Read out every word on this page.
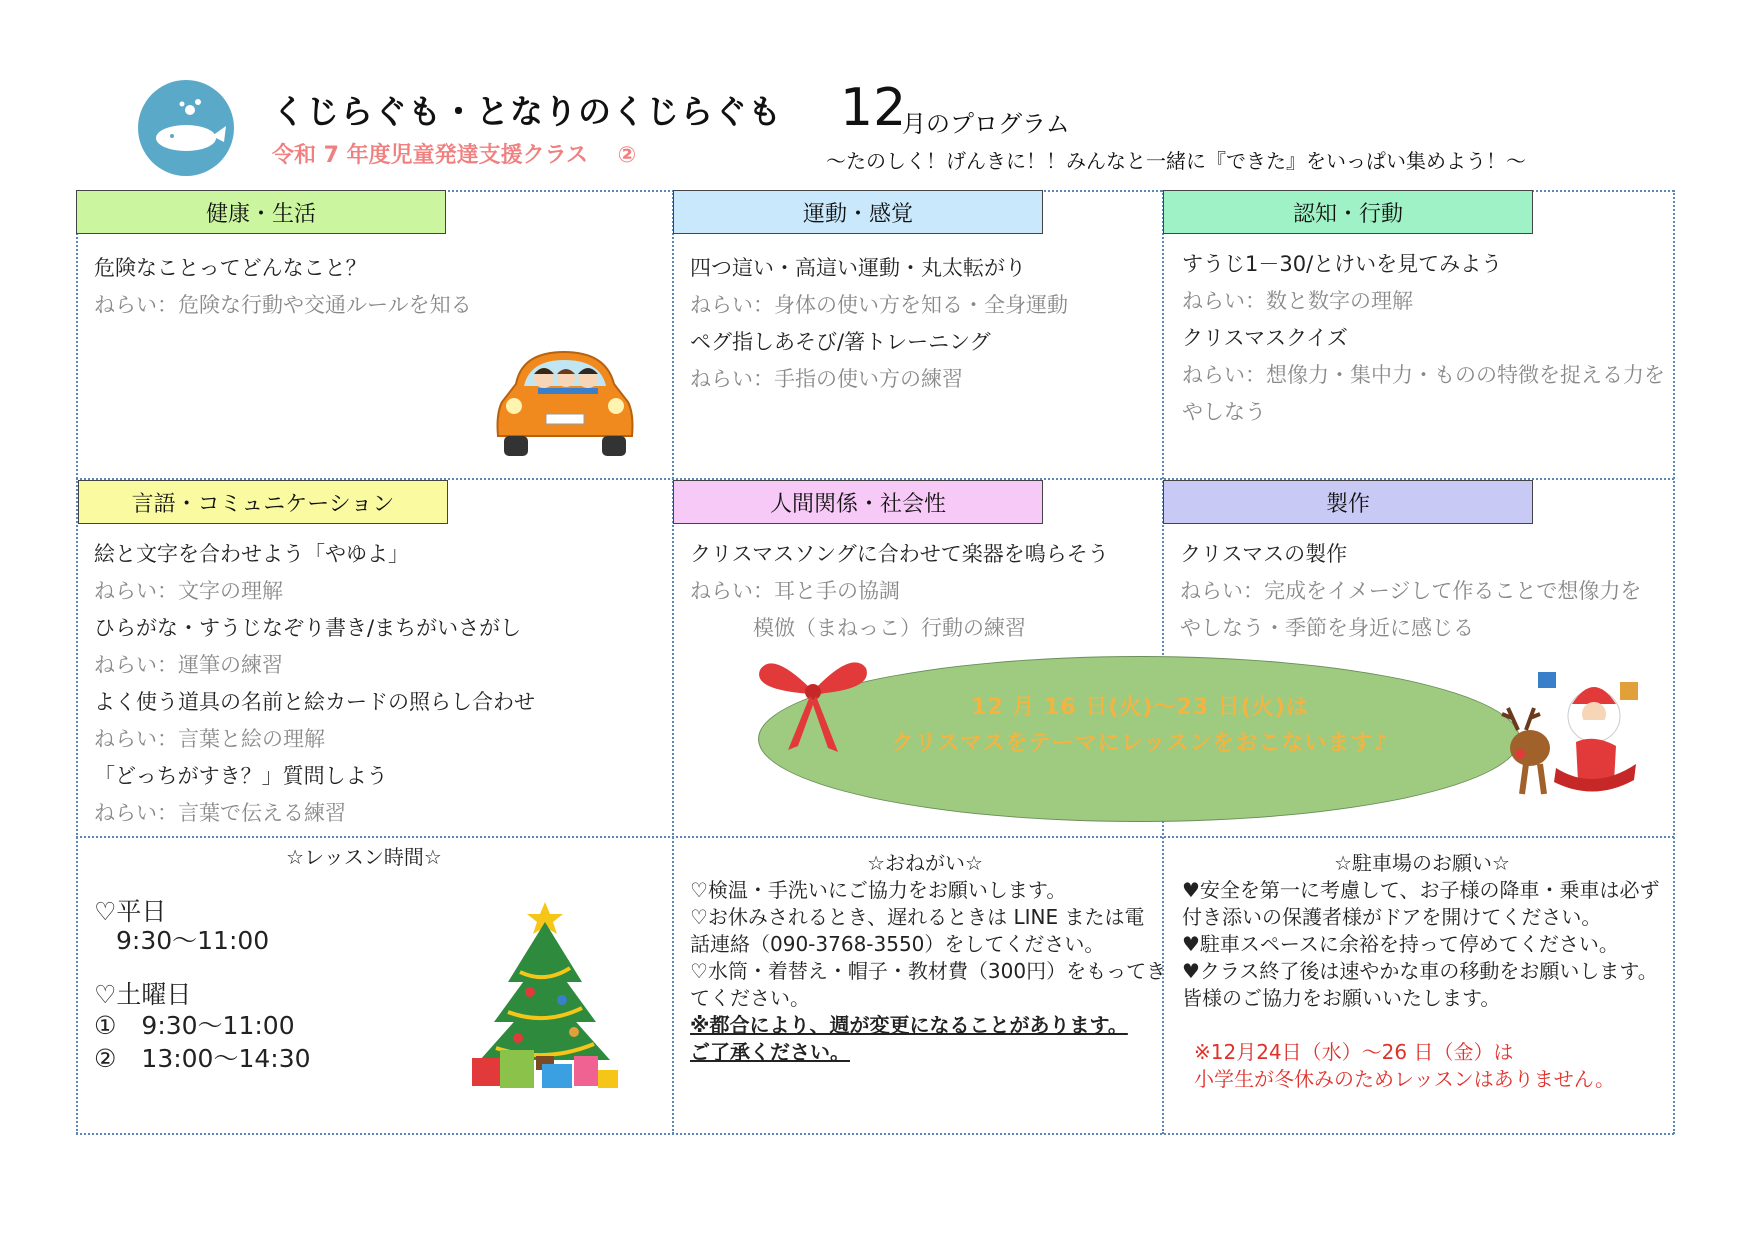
くじらぐも・となりのくじらぐも
令和 7 年度児童発達支援クラス　 ②
12
月のプログラム
～たのしく！げんきに！！みんなと一緒に『できた』をいっぱい集めよう！～
健康・生活	運動・感覚	認知・行動
言語・コミュニケーション	人間関係・社会性	製作
危険なことってどんなこと？
ねらい：危険な行動や交通ルールを知る
四つ這い・高這い運動・丸太転がり
ねらい：身体の使い方を知る・全身運動
ペグ指しあそび/箸トレーニング
ねらい：手指の使い方の練習
すうじ1－30/とけいを見てみよう
ねらい：数と数字の理解
クリスマスクイズ
ねらい：想像力・集中力・ものの特徴を捉える力を
やしなう
絵と文字を合わせよう「やゆよ」
ねらい：文字の理解
ひらがな・すうじなぞり書き/まちがいさがし
ねらい：運筆の練習
よく使う道具の名前と絵カードの照らし合わせ
ねらい：言葉と絵の理解
「どっちがすき？」質問しよう
ねらい：言葉で伝える練習
クリスマスソングに合わせて楽器を鳴らそう
ねらい：耳と手の協調
　　　模倣（まねっこ）行動の練習
クリスマスの製作
ねらい：完成をイメージして作ることで想像力を
やしなう・季節を身近に感じる
12 月 16 日(火)～23 日(火)は
クリスマスをテーマにレッスンをおこないます♪
☆レッスン時間☆
♡平日
9:30～11:00
♡土曜日
①　9:30～11:00
②　13:00～14:30
☆おねがい☆
♡検温・手洗いにご協力をお願いします。
♡お休みされるとき、遅れるときは LINE または電
話連絡（090-3768-3550）をしてください。
♡水筒・着替え・帽子・教材費（300円）をもってき
てください。
※都合により、週が変更になることがあります。
ご了承ください。
☆駐車場のお願い☆
♥安全を第一に考慮して、お子様の降車・乗車は必ず
付き添いの保護者様がドアを開けてください。
♥駐車スペースに余裕を持って停めてください。
♥クラス終了後は速やかな車の移動をお願いします。
皆様のご協力をお願いいたします。
※12月24日（水）～26 日（金）は
小学生が冬休みのためレッスンはありません。
